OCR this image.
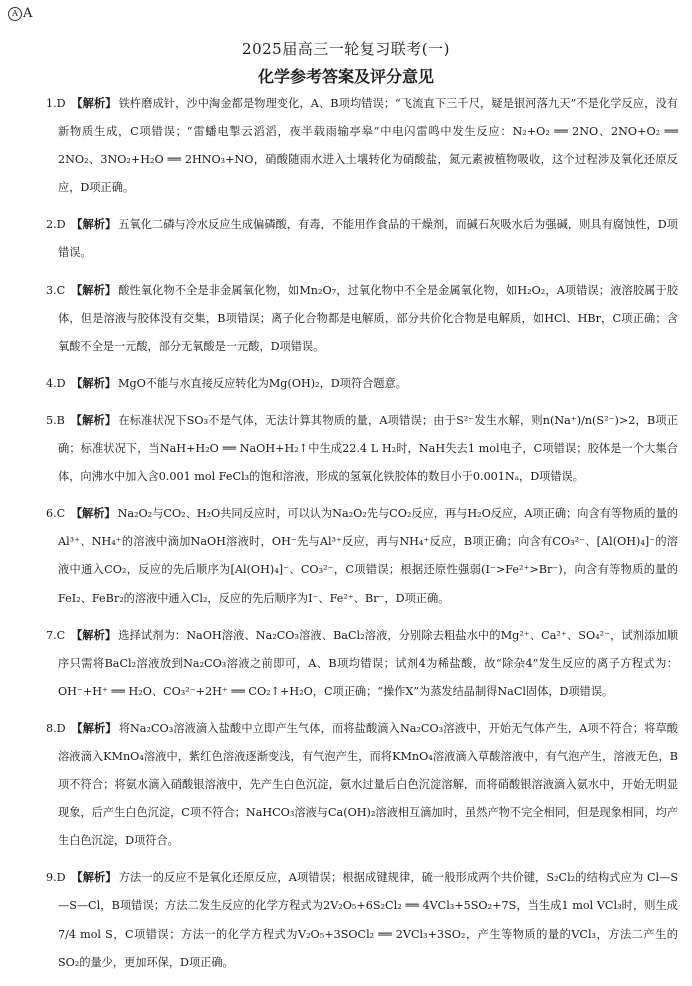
A A
2025届高三一轮复习联考(一)
化学参考答案及评分意见

1.D 【解析】 铁杵磨成针，沙中淘金都是物理变化，A、B项均错误；“飞流直下三千尺，疑是银河落九天”不是化学反应，没有新物质生成，C项错误；“雷蟠电掣云滔滔，夜半载雨输亭皋”中电闪雷鸣中发生反应：N₂+O₂ ══ 2NO、2NO+O₂ ══ 2NO₂、3NO₂+H₂O ══ 2HNO₃+NO，硝酸随雨水进入土壤转化为硝酸盐，氮元素被植物吸收，这个过程涉及氧化还原反应，D项正确。

2.D 【解析】 五氧化二磷与冷水反应生成偏磷酸，有毒，不能用作食品的干燥剂，而碱石灰吸水后为强碱，则具有腐蚀性，D项错误。

3.C 【解析】 酸性氧化物不全是非金属氧化物，如Mn₂O₇，过氧化物中不全是金属氧化物，如H₂O₂，A项错误；液溶胶属于胶体，但是溶液与胶体没有交集，B项错误；离子化合物都是电解质，部分共价化合物是电解质，如HCl、HBr，C项正确；含氧酸不全是一元酸，部分无氧酸是一元酸，D项错误。

4.D 【解析】 MgO不能与水直接反应转化为Mg(OH)₂，D项符合题意。

5.B 【解析】 在标准状况下SO₃不是气体，无法计算其物质的量，A项错误；由于S²⁻发生水解，则n(Na⁺)/n(S²⁻)>2，B项正确；标准状况下，当NaH+H₂O ══ NaOH+H₂↑中生成22.4 L H₂时，NaH失去1 mol电子，C项错误；胶体是一个大集合体，向沸水中加入含0.001 mol FeCl₃的饱和溶液，形成的氢氧化铁胶体的数目小于0.001Nₐ，D项错误。

6.C 【解析】 Na₂O₂与CO₂、H₂O共同反应时，可以认为Na₂O₂先与CO₂反应，再与H₂O反应，A项正确；向含有等物质的量的Al³⁺、NH₄⁺的溶液中滴加NaOH溶液时，OH⁻先与Al³⁺反应，再与NH₄⁺反应，B项正确；向含有CO₃²⁻、[Al(OH)₄]⁻的溶液中通入CO₂，反应的先后顺序为[Al(OH)₄]⁻、CO₃²⁻，C项错误；根据还原性强弱(I⁻>Fe²⁺>Br⁻)，向含有等物质的量的FeI₂、FeBr₂的溶液中通入Cl₂，反应的先后顺序为I⁻、Fe²⁺、Br⁻，D项正确。

7.C 【解析】 选择试剂为：NaOH溶液、Na₂CO₃溶液、BaCl₂溶液，分别除去粗盐水中的Mg²⁺、Ca²⁺、SO₄²⁻，试剂添加顺序只需将BaCl₂溶液放到Na₂CO₃溶液之前即可，A、B项均错误；试剂4为稀盐酸，故“除杂4”发生反应的离子方程式为：OH⁻+H⁺ ══ H₂O、CO₃²⁻+2H⁺ ══ CO₂↑+H₂O，C项正确；“操作X”为蒸发结晶制得NaCl固体，D项错误。

8.D 【解析】 将Na₂CO₃溶液滴入盐酸中立即产生气体，而将盐酸滴入Na₂CO₃溶液中，开始无气体产生，A项不符合；将草酸溶液滴入KMnO₄溶液中，紫红色溶液逐渐变浅，有气泡产生，而将KMnO₄溶液滴入草酸溶液中，有气泡产生，溶液无色，B项不符合；将氨水滴入硝酸银溶液中，先产生白色沉淀，氨水过量后白色沉淀溶解，而将硝酸银溶液滴入氨水中，开始无明显现象，后产生白色沉淀，C项不符合；NaHCO₃溶液与Ca(OH)₂溶液相互滴加时，虽然产物不完全相同，但是现象相同，均产生白色沉淀，D项符合。

9.D 【解析】 方法一的反应不是氧化还原反应，A项错误；根据成键规律，硫一般形成两个共价键，S₂Cl₂的结构式应为 Cl—S—S—Cl，B项错误；方法二发生反应的化学方程式为2V₂O₅+6S₂Cl₂ ══ 4VCl₃+5SO₂+7S，当生成1 mol VCl₃时，则生成7/4 mol S，C项错误；方法一的化学方程式为V₂O₅+3SOCl₂ ══ 2VCl₃+3SO₂，产生等物质的量的VCl₃，方法二产生的SO₂的量少，更加环保，D项正确。
